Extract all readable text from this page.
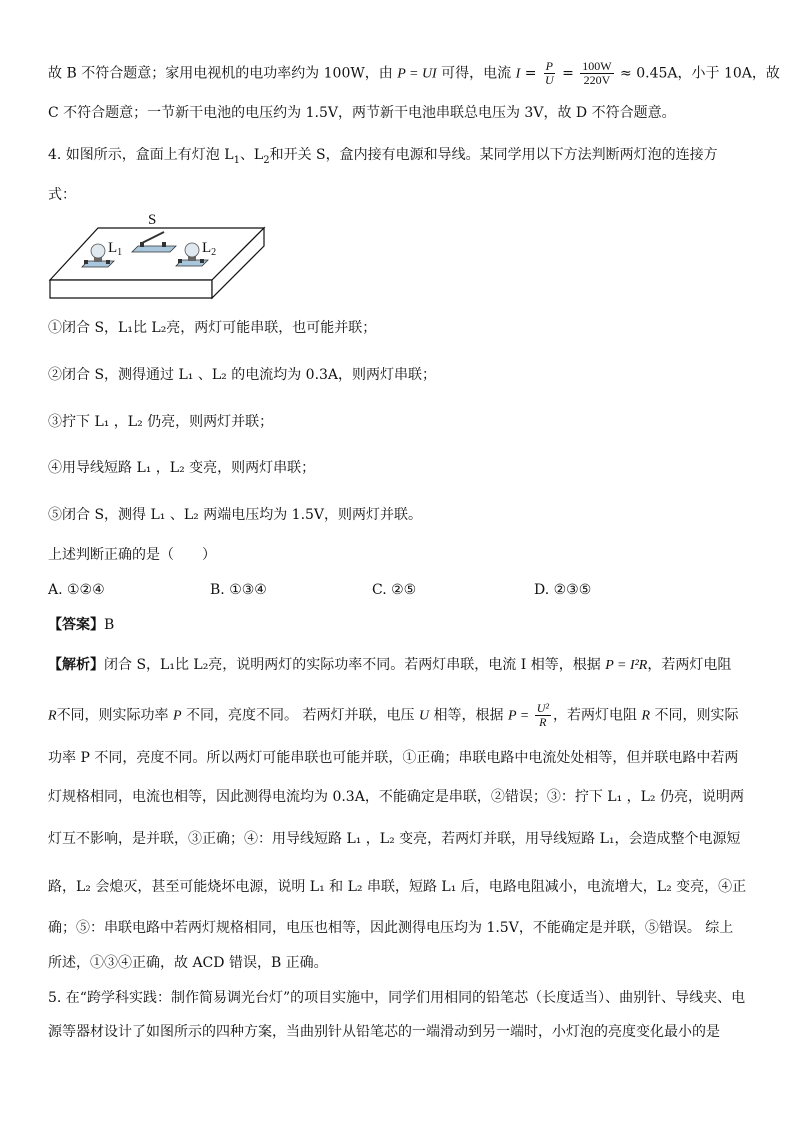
故 B 不符合题意；家用电视机的电功率约为 100W，由 P = UI 可得，电流 $I = \frac{P}{U} = \frac{100W}{220V} \approx 0.45A$，小于 10A，故
C 不符合题意；一节新干电池的电压约为 1.5V，两节新干电池串联总电压为 3V，故 D 不符合题意。
4. 如图所示，盒面上有灯泡 $L_1$、$L_2$和开关 S，盒内接有电源和导线。某同学用以下方法判断两灯泡的连接方
式：
S
$L_1$	$L_2$
①闭合 S，L₁比 L₂亮，两灯可能串联，也可能并联；
②闭合 S，测得通过 L₁ 、L₂ 的电流均为 0.3A，则两灯串联；
③拧下 L₁ ，L₂ 仍亮，则两灯并联；
④用导线短路 L₁ ，L₂ 变亮，则两灯串联；
⑤闭合 S，测得 L₁ 、L₂ 两端电压均为 1.5V，则两灯并联。
上述判断正确的是（　　）
A. ①②④	B. ①③④	C. ②⑤	D. ②③⑤
【答案】B
【解析】闭合 S，L₁比 L₂亮，说明两灯的实际功率不同。若两灯串联，电流 I 相等，根据 P = I²R，若两灯电阻
R不同，则实际功率 P 不同，亮度不同。 若两灯并联，电压 U 相等，根据 $P = \frac{\text{U²}}{R}$ ，若两灯电阻 R 不同，则实际
功率 P 不同，亮度不同。所以两灯可能串联也可能并联，①正确；串联电路中电流处处相等，但并联电路中若两
灯规格相同，电流也相等，因此测得电流均为 0.3A，不能确定是串联，②错误；③：拧下 L₁ ，L₂ 仍亮，说明两
灯互不影响，是并联，③正确；④：用导线短路 L₁ ，L₂ 变亮，若两灯并联，用导线短路 L₁，会造成整个电源短
路，L₂ 会熄灭，甚至可能烧坏电源，说明 L₁ 和 L₂ 串联，短路 L₁ 后，电路电阻减小，电流增大，L₂ 变亮，④正
确；⑤：串联电路中若两灯规格相同，电压也相等，因此测得电压均为 1.5V，不能确定是并联，⑤错误。 综上
所述，①③④正确，故 ACD 错误，B 正确。
5. 在“跨学科实践：制作简易调光台灯”的项目实施中，同学们用相同的铅笔芯（长度适当）、曲别针、导线夹、电
源等器材设计了如图所示的四种方案，当曲别针从铅笔芯的一端滑动到另一端时，小灯泡的亮度变化最小的是
